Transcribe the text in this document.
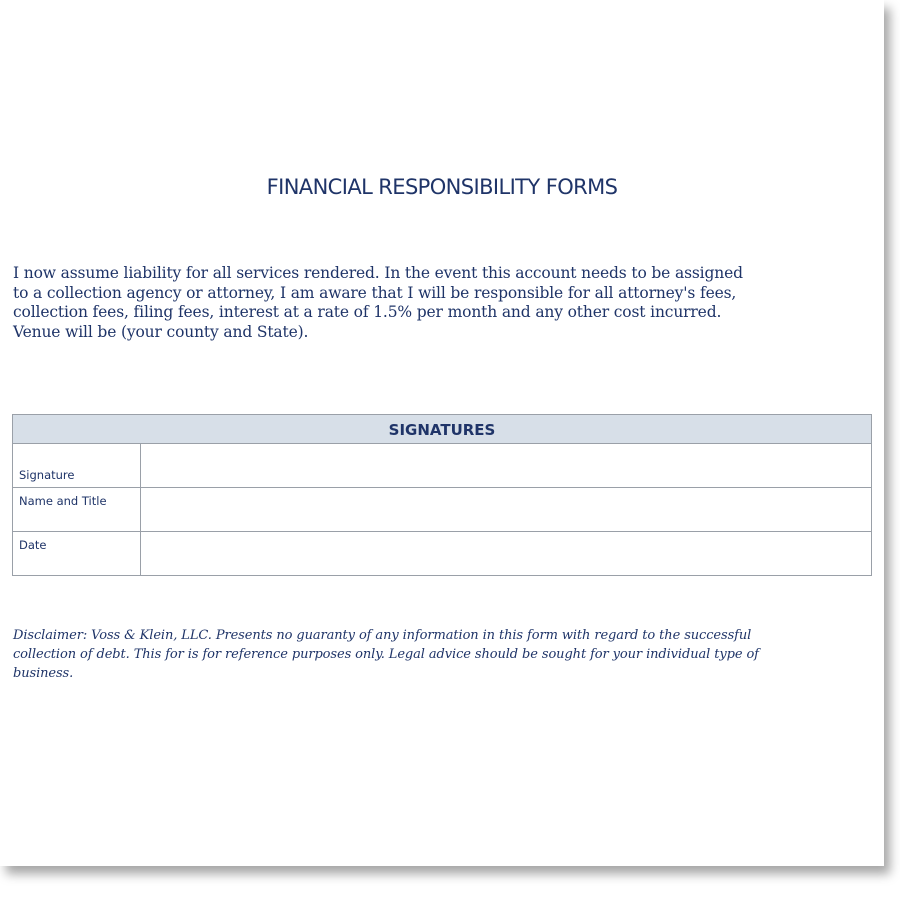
FINANCIAL RESPONSIBILITY FORMS
I now assume liability for all services rendered. In the event this account needs to be assigned
to a collection agency or attorney, I am aware that I will be responsible for all attorney's fees,
collection fees, filing fees, interest at a rate of 1.5% per month and any other cost incurred.
Venue will be (your county and State).
SIGNATURES
Signature
Name and Title
Date
Disclaimer: Voss & Klein, LLC. Presents no guaranty of any information in this form with regard to the successful
collection of debt. This for is for reference purposes only. Legal advice should be sought for your individual type of
business.
